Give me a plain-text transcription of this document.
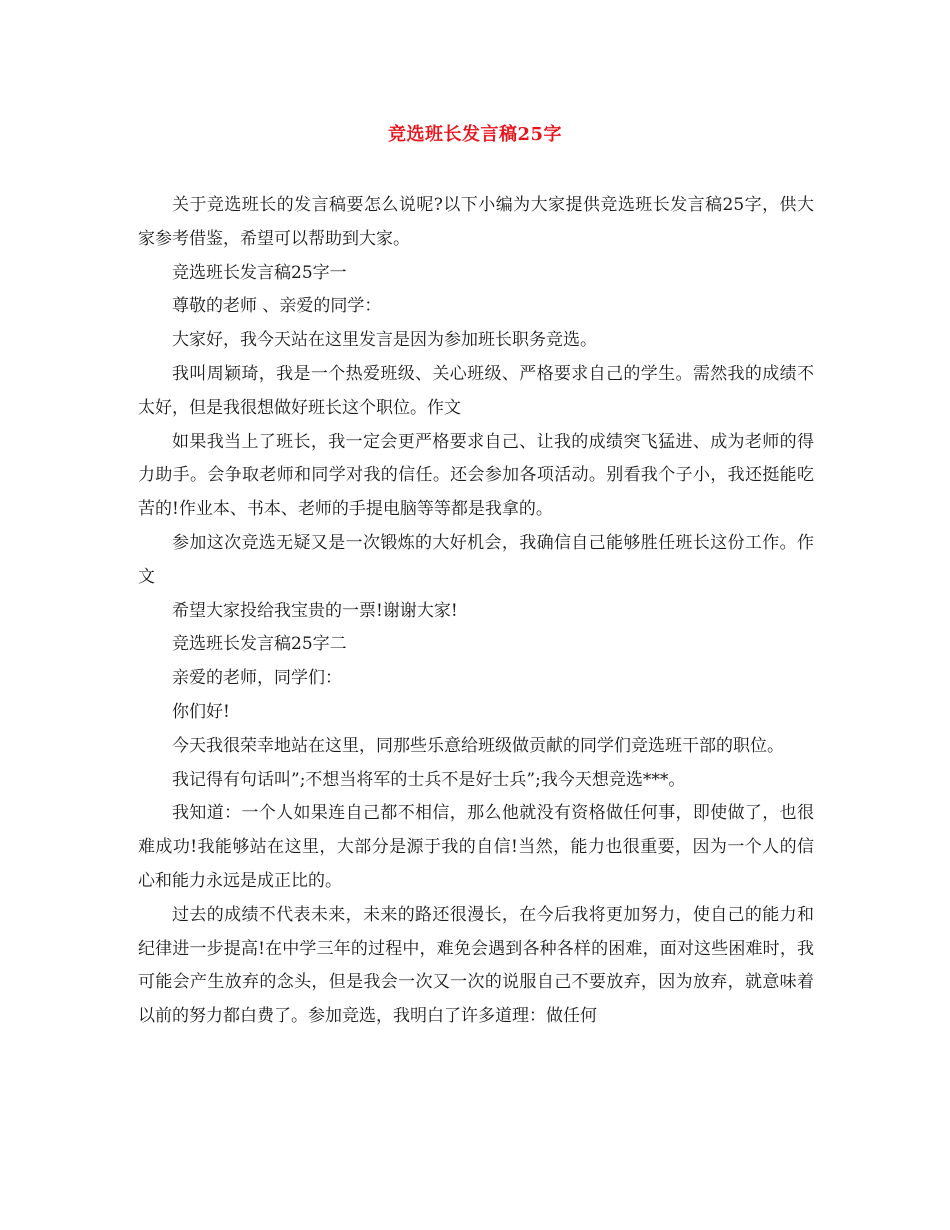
竞选班长发言稿25字

关于竞选班长的发言稿要怎么说呢?以下小编为大家提供竞选班长发言稿25字，供大家参考借鉴，希望可以帮助到大家。

竞选班长发言稿25字一

尊敬的老师 、亲爱的同学：

大家好，我今天站在这里发言是因为参加班长职务竞选。

我叫周颖琦，我是一个热爱班级、关心班级、严格要求自己的学生。需然我的成绩不太好，但是我很想做好班长这个职位。作文

如果我当上了班长，我一定会更严格要求自己、让我的成绩突飞猛进、成为老师的得力助手。会争取老师和同学对我的信任。还会参加各项活动。别看我个子小，我还挺能吃苦的!作业本、书本、老师的手提电脑等等都是我拿的。

参加这次竞选无疑又是一次锻炼的大好机会，我确信自己能够胜任班长这份工作。作文

希望大家投给我宝贵的一票!谢谢大家!

竞选班长发言稿25字二

亲爱的老师，同学们：

你们好!

今天我很荣幸地站在这里，同那些乐意给班级做贡献的同学们竞选班干部的职位。

我记得有句话叫”;不想当将军的士兵不是好士兵”;我今天想竞选***。

我知道：一个人如果连自己都不相信，那么他就没有资格做任何事，即使做了，也很难成功!我能够站在这里，大部分是源于我的自信!当然，能力也很重要，因为一个人的信心和能力永远是成正比的。

过去的成绩不代表未来，未来的路还很漫长，在今后我将更加努力，使自己的能力和纪律进一步提高!在中学三年的过程中，难免会遇到各种各样的困难，面对这些困难时，我可能会产生放弃的念头，但是我会一次又一次的说服自己不要放弃，因为放弃，就意味着以前的努力都白费了。参加竞选，我明白了许多道理：做任何
